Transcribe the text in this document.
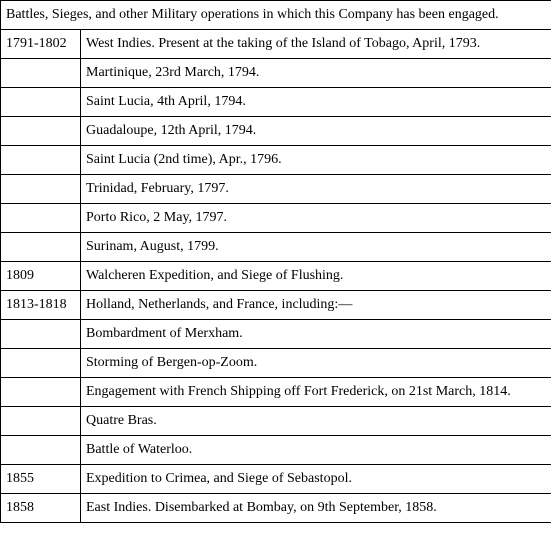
Battles, Sieges, and other Military operations in which this Company has been engaged.	
1791-1802	West Indies. Present at the taking of the Island of Tobago, April, 1793.
	Martinique, 23rd March, 1794.
	Saint Lucia, 4th April, 1794.
	Guadaloupe, 12th April, 1794.
	Saint Lucia (2nd time), Apr., 1796.
	Trinidad, February, 1797.
	Porto Rico, 2 May, 1797.
	Surinam, August, 1799.
1809	Walcheren Expedition, and Siege of Flushing.
1813-1818	Holland, Netherlands, and France, including:—
	Bombardment of Merxham.
	Storming of Bergen-op-Zoom.
	Engagement with French Shipping off Fort Frederick, on 21st March, 1814.
	Quatre Bras.
	Battle of Waterloo.
1855	Expedition to Crimea, and Siege of Sebastopol.
1858	East Indies. Disembarked at Bombay, on 9th September, 1858.
